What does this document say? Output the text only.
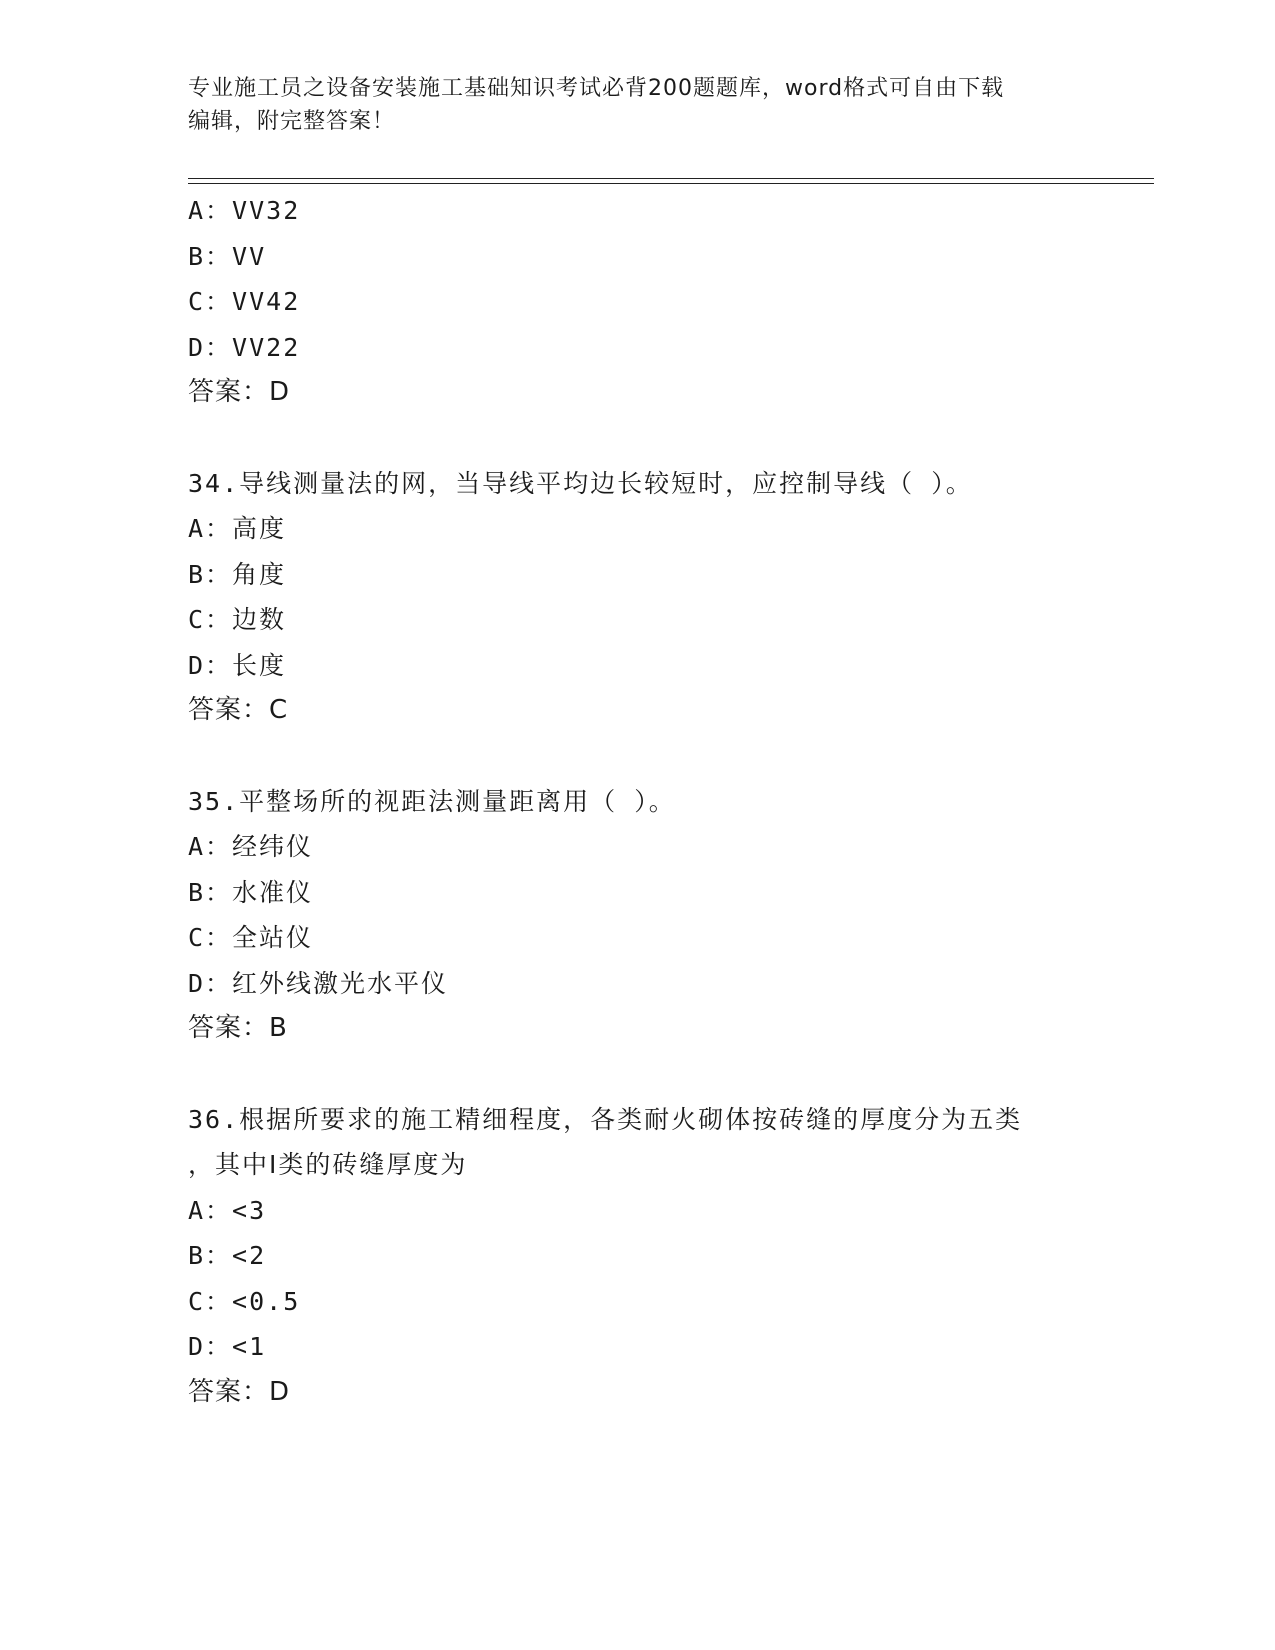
专业施工员之设备安装施工基础知识考试必背200题题库，word格式可自由下载
编辑，附完整答案！
A：VV32
B：VV
C：VV42
D：VV22
答案：D
34.导线测量法的网，当导线平均边长较短时，应控制导线（ ）。
A：高度
B：角度
C：边数
D：长度
答案：C
35.平整场所的视距法测量距离用（ ）。
A：经纬仪
B：水准仪
C：全站仪
D：红外线激光水平仪
答案：B
36.根据所要求的施工精细程度，各类耐火砌体按砖缝的厚度分为五类
，其中Ⅰ类的砖缝厚度为
A：<3
B：<2
C：<0.5
D：<1
答案：D
